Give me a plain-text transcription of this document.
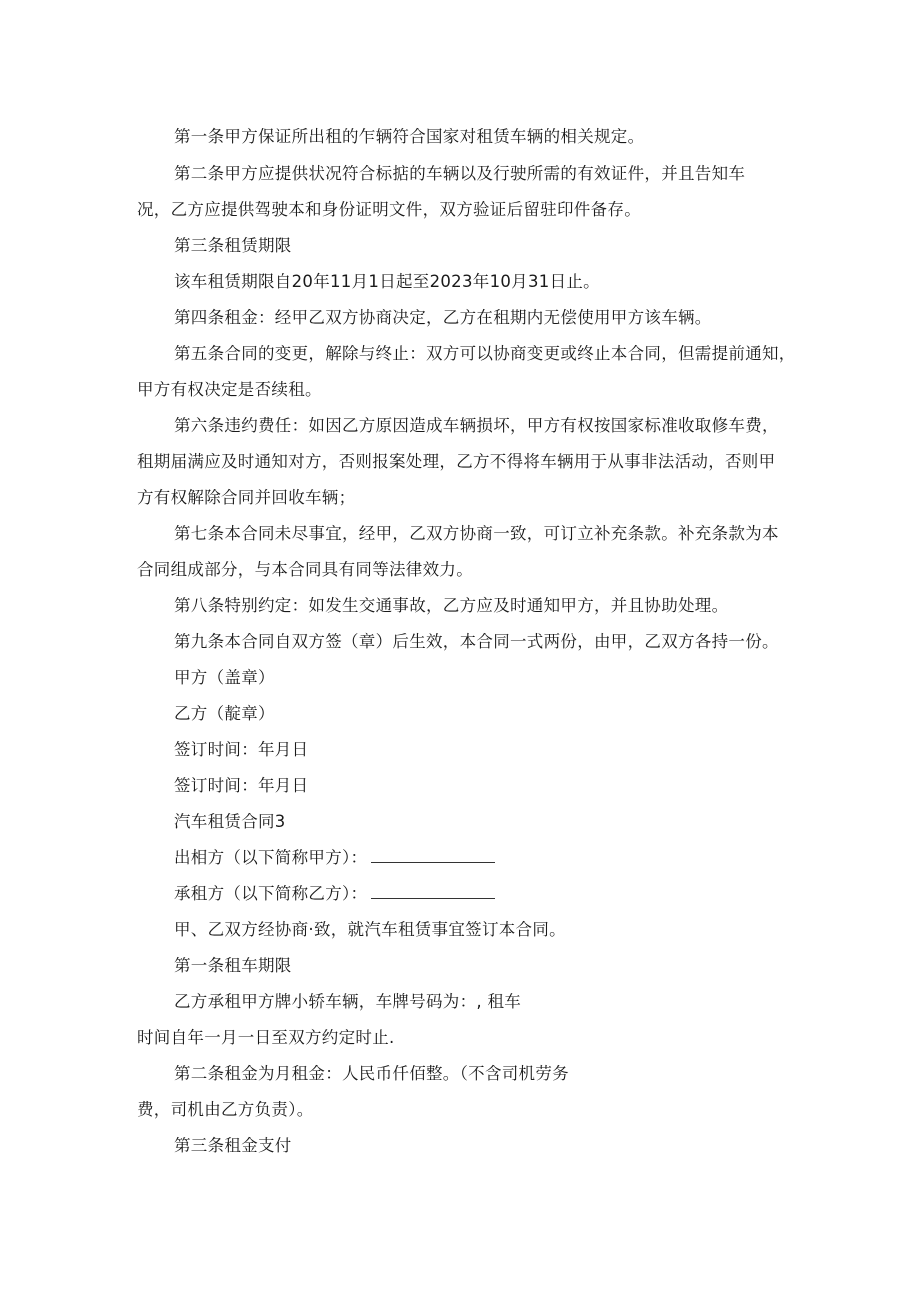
第一条甲方保证所出租的乍辆符合国家对租赁车辆的相关规定。
第二条甲方应提供状况符合标掂的车辆以及行驶所需的有效证件，并且告知车
况，乙方应提供驾驶本和身份证明文件，双方验证后留驻印件备存。
第三条租赁期限
该车租赁期限自20年11月1日起至2023年10月31日止。
第四条租金：经甲乙双方协商决定，乙方在租期内无偿使用甲方该车辆。
第五条合同的变更，解除与终止：双方可以协商变更或终止本合同，但需提前通知，
甲方有权决定是否续租。
第六条违约费任：如因乙方原因造成车辆损坏，甲方有权按国家标准收取修车费，
租期届满应及时通知对方，否则报案处理，乙方不得将车辆用于从事非法活动，否则甲
方有权解除合同并回收车辆；
第七条本合同未尽事宜，经甲，乙双方协商一致，可订立补充条款。补充条款为本
合同组成部分，与本合同具有同等法律效力。
第八条特别约定：如发生交通事故，乙方应及时通知甲方，并且协助处理。
第九条本合同自双方签（章）后生效，本合同一式两份，由甲，乙双方各持一份。
甲方（盖章）
乙方（靛章）
签订时间：年月日
签订时间：年月日
汽车租赁合同3
出相方（以下简称甲方）：
承租方（以下简称乙方）：
甲、乙双方经协商·致，就汽车租赁事宜签订本合同。
第一条租车期限
乙方承租甲方牌小轿车辆，车牌号码为：, 租车
时间自年一月一日至双方约定时止.
第二条租金为月租金：人民币仟佰整。（不含司机劳务
费，司机由乙方负责）。
第三条租金支付
